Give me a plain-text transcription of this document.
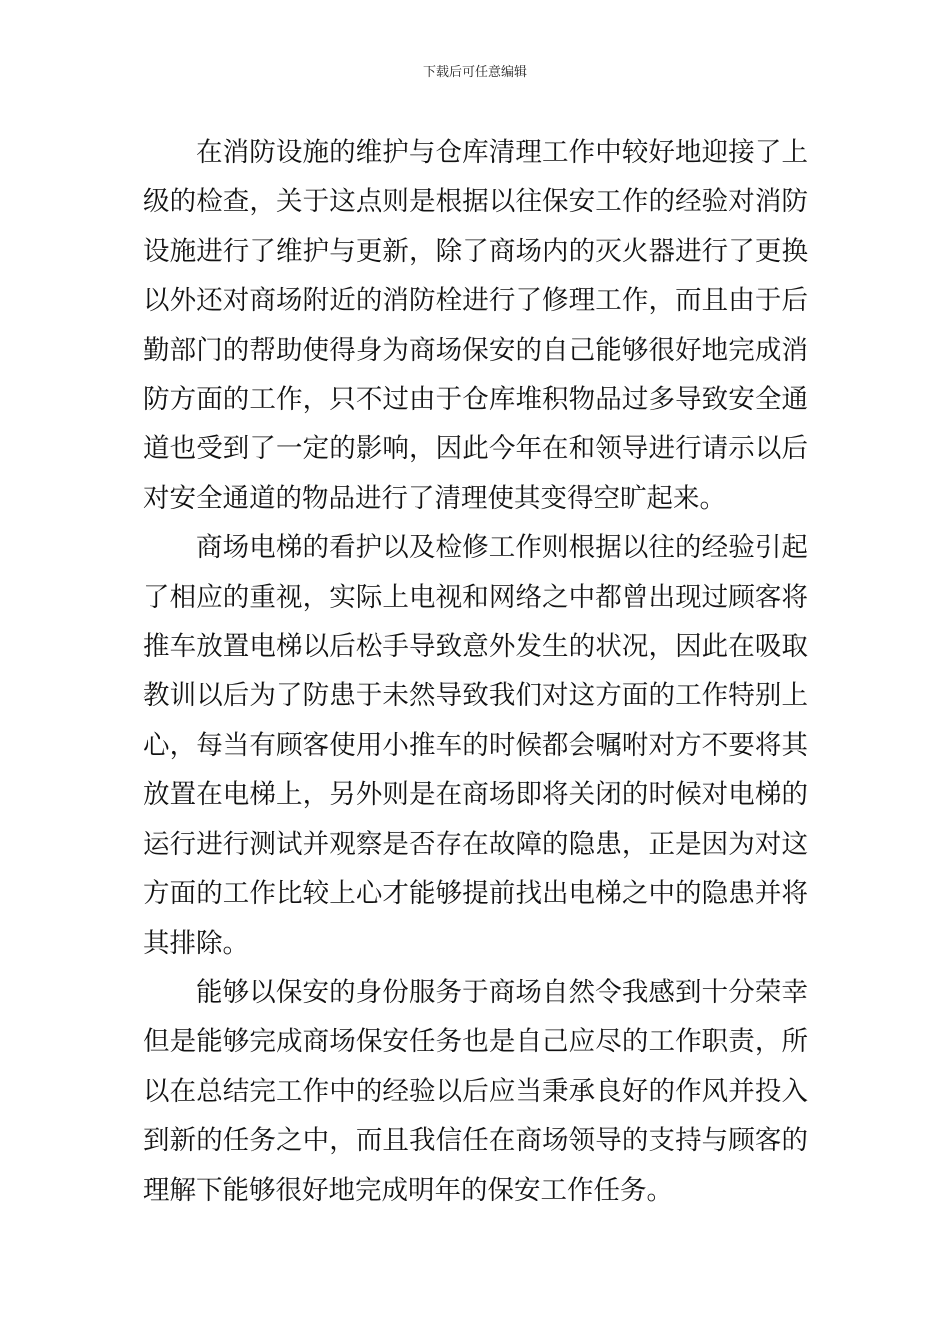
下载后可任意编辑

在消防设施的维护与仓库清理工作中较好地迎接了上级的检查，关于这点则是根据以往保安工作的经验对消防设施进行了维护与更新，除了商场内的灭火器进行了更换以外还对商场附近的消防栓进行了修理工作，而且由于后勤部门的帮助使得身为商场保安的自己能够很好地完成消防方面的工作，只不过由于仓库堆积物品过多导致安全通道也受到了一定的影响，因此今年在和领导进行请示以后对安全通道的物品进行了清理使其变得空旷起来。

商场电梯的看护以及检修工作则根据以往的经验引起了相应的重视，实际上电视和网络之中都曾出现过顾客将推车放置电梯以后松手导致意外发生的状况，因此在吸取教训以后为了防患于未然导致我们对这方面的工作特别上心，每当有顾客使用小推车的时候都会嘱咐对方不要将其放置在电梯上，另外则是在商场即将关闭的时候对电梯的运行进行测试并观察是否存在故障的隐患，正是因为对这方面的工作比较上心才能够提前找出电梯之中的隐患并将其排除。

能够以保安的身份服务于商场自然令我感到十分荣幸但是能够完成商场保安任务也是自己应尽的工作职责，所以在总结完工作中的经验以后应当秉承良好的作风并投入到新的任务之中，而且我信任在商场领导的支持与顾客的理解下能够很好地完成明年的保安工作任务。
